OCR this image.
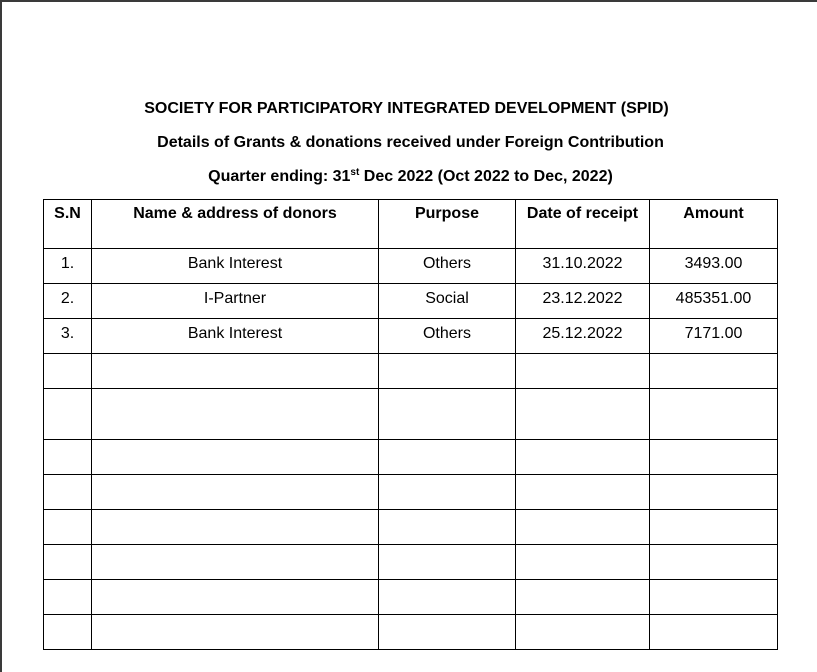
SOCIETY FOR PARTICIPATORY INTEGRATED DEVELOPMENT (SPID)
Details of Grants & donations received under Foreign Contribution
Quarter ending: 31st Dec 2022 (Oct 2022 to Dec, 2022)
S.N	Name & address of donors	Purpose	Date of receipt	Amount
1.	Bank Interest	Others	31.10.2022	3493.00
2.	I-Partner	Social	23.12.2022	485351.00
3.	Bank Interest	Others	25.12.2022	7171.00
